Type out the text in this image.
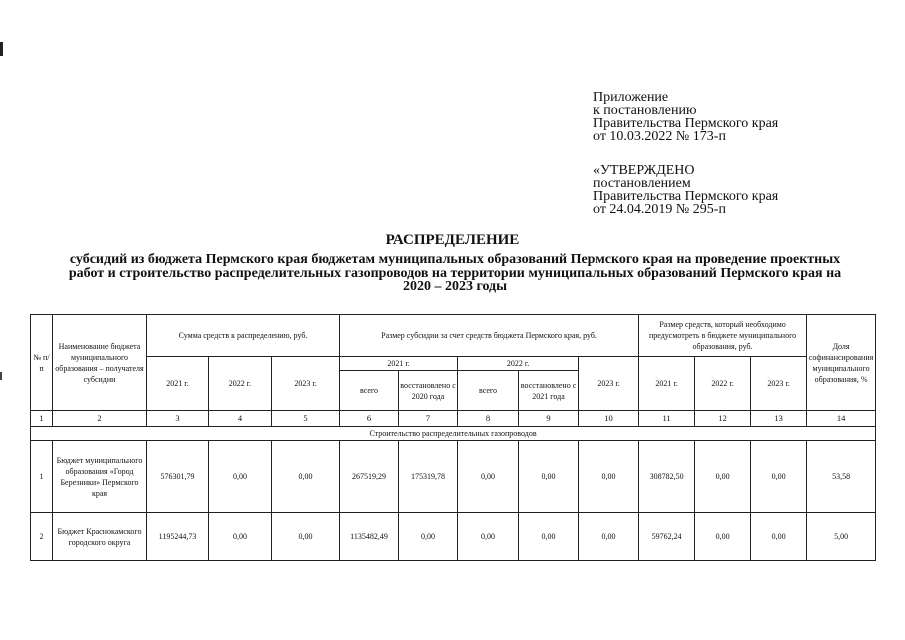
Приложение
к постановлению
Правительства Пермского края
от 10.03.2022 № 173-п
«УТВЕРЖДЕНО
постановлением
Правительства Пермского края
от 24.04.2019 № 295-п
РАСПРЕДЕЛЕНИЕ
субсидий из бюджета Пермского края бюджетам муниципальных образований Пермского края на проведение проектных работ и строительство распределительных газопроводов на территории муниципальных образований Пермского края на 2020 – 2023 годы
№ п/п	Наименование бюджета муниципального образования – получателя субсидии	Сумма средств к распределению, руб.			Размер субсидии за счет средств бюджета Пермского края, руб.					Размер средств, который необходимо предусмотреть в бюджете муниципального образования, руб.			Доля софинансирования муниципального образования, %
		2021 г.	2022 г.	2023 г.	2021 г.		2022 г.		2023 г.	2021 г.	2022 г.	2023 г.	
					всего	восстановлено с 2020 года	всего	восстановлено с 2021 года					
1	2	3	4	5	6	7	8	9	10	11	12	13	14
Строительство распределительных газопроводов													
1	Бюджет муниципального образования «Город Березники» Пермского края	576301,79	0,00	0,00	267519,29	175319,78	0,00	0,00	0,00	308782,50	0,00	0,00	53,58
2	Бюджет Краснокамского городского округа	1195244,73	0,00	0,00	1135482,49	0,00	0,00	0,00	0,00	59762,24	0,00	0,00	5,00
